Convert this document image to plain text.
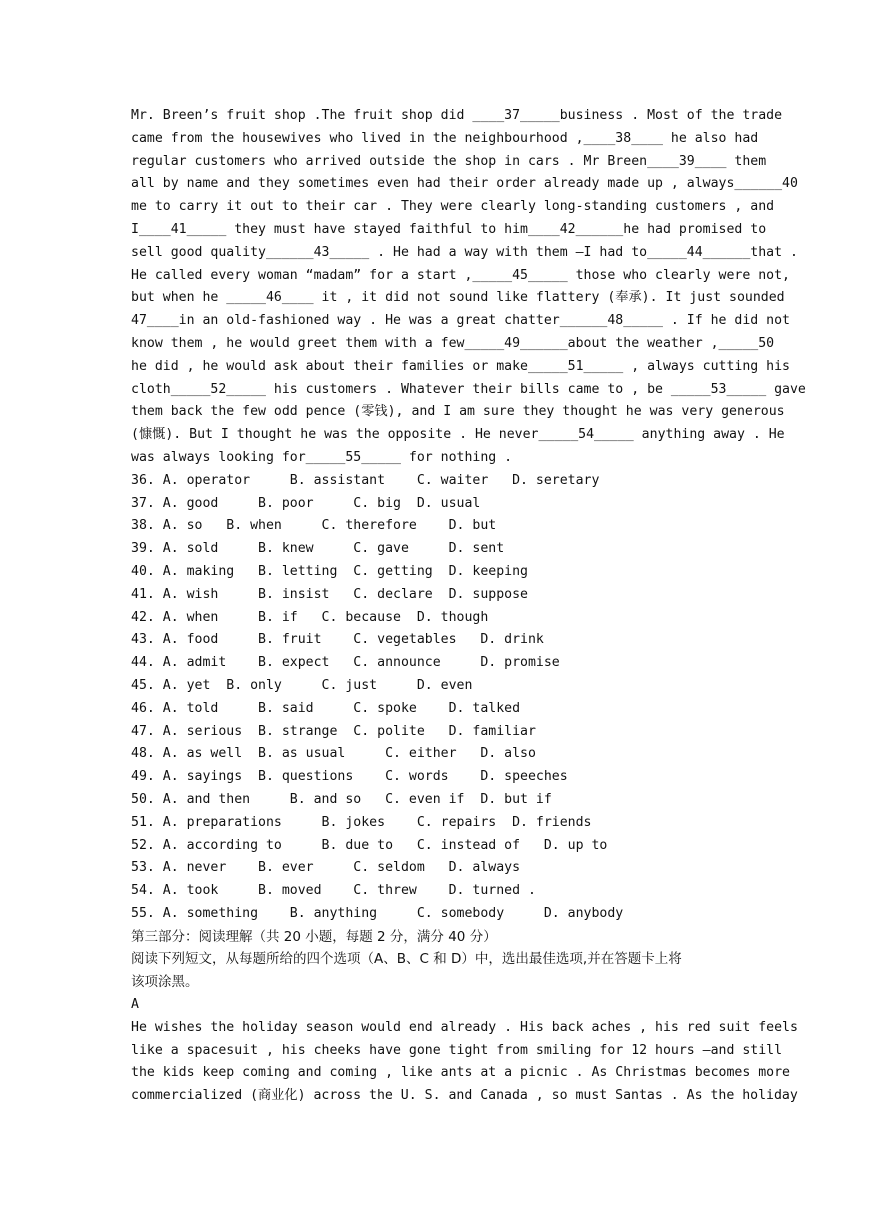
Mr. Breen’s fruit shop .The fruit shop did ____37_____business . Most of the trade
came from the housewives who lived in the neighbourhood ,____38____ he also had
regular customers who arrived outside the shop in cars . Mr Breen____39____ them
all by name and they sometimes even had their order already made up , always______40
me to carry it out to their car . They were clearly long-standing customers , and
I____41_____ they must have stayed faithful to him____42______he had promised to
sell good quality______43_____ . He had a way with them —I had to_____44______that .
He called every woman “madam” for a start ,_____45_____ those who clearly were not,
but when he _____46____ it , it did not sound like flattery (奉承). It just sounded
47____in an old-fashioned way . He was a great chatter______48_____ . If he did not
know them , he would greet them with a few_____49______about the weather ,_____50
he did , he would ask about their families or make_____51_____ , always cutting his
cloth_____52_____ his customers . Whatever their bills came to , be _____53_____ gave
them back the few odd pence (零钱), and I am sure they thought he was very generous
(慷慨). But I thought he was the opposite . He never_____54_____ anything away . He
was always looking for_____55_____ for nothing .
36. A. operator     B. assistant    C. waiter   D. seretary
37. A. good     B. poor     C. big  D. usual
38. A. so   B. when     C. therefore    D. but
39. A. sold     B. knew     C. gave     D. sent
40. A. making   B. letting  C. getting  D. keeping
41. A. wish     B. insist   C. declare  D. suppose
42. A. when     B. if   C. because  D. though
43. A. food     B. fruit    C. vegetables   D. drink
44. A. admit    B. expect   C. announce     D. promise
45. A. yet  B. only     C. just     D. even
46. A. told     B. said     C. spoke    D. talked
47. A. serious  B. strange  C. polite   D. familiar
48. A. as well  B. as usual     C. either   D. also
49. A. sayings  B. questions    C. words    D. speeches
50. A. and then     B. and so   C. even if  D. but if
51. A. preparations     B. jokes    C. repairs  D. friends
52. A. according to     B. due to   C. instead of   D. up to
53. A. never    B. ever     C. seldom   D. always
54. A. took     B. moved    C. threw    D. turned .
55. A. something    B. anything     C. somebody     D. anybody
第三部分：阅读理解（共 20 小题，每题 2 分，满分 40 分）
阅读下列短文，从每题所给的四个选项（A、B、C 和 D）中，选出最佳选项,并在答题卡上将
该项涂黑。
A
He wishes the holiday season would end already . His back aches , his red suit feels
like a spacesuit , his cheeks have gone tight from smiling for 12 hours —and still
the kids keep coming and coming , like ants at a picnic . As Christmas becomes more
commercialized (商业化) across the U. S. and Canada , so must Santas . As the holiday
